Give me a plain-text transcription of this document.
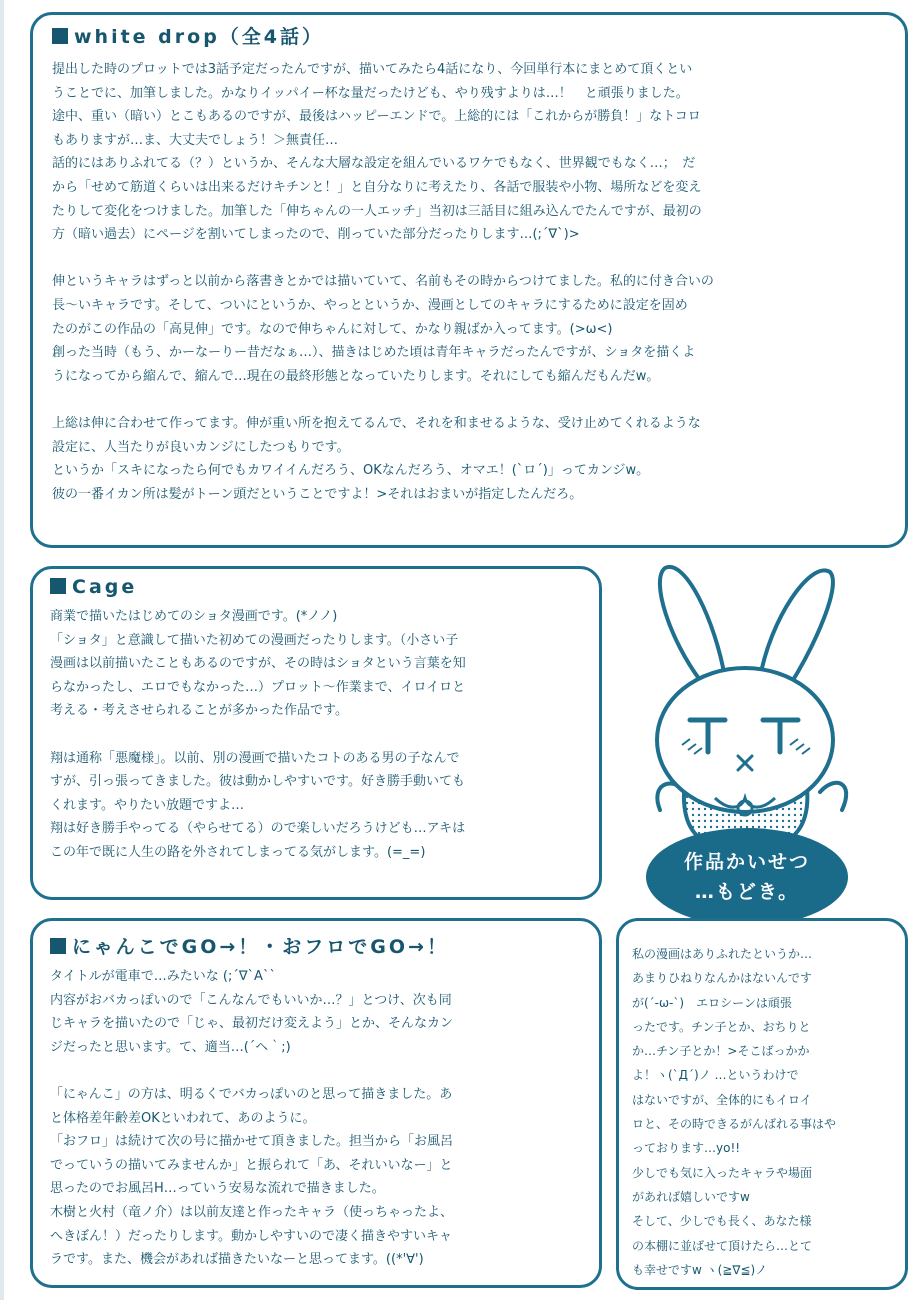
white drop（全4話）
提出した時のプロットでは3話予定だったんですが、描いてみたら4話になり、今回単行本にまとめて頂くとい
うことでに、加筆しました。かなりイッパイー杯な量だったけども、やり残すよりは…！　と頑張りました。
途中、重い（暗い）とこもあるのですが、最後はハッピーエンドで。上総的には「これからが勝負！」なトコロ
もありますが…ま、大丈夫でしょう！＞無責任…
話的にはありふれてる（？）というか、そんな大層な設定を組んでいるワケでもなく、世界観でもなく…；　だ
から「せめて筋道くらいは出来るだけキチンと！」と自分なりに考えたり、各話で服装や小物、場所などを変え
たりして変化をつけました。加筆した「伸ちゃんの一人エッチ」当初は三話目に組み込んでたんですが、最初の
方（暗い過去）にページを割いてしまったので、削っていた部分だったりします…(;´∇`)>

伸というキャラはずっと以前から落書きとかでは描いていて、名前もその時からつけてました。私的に付き合いの
長～いキャラです。そして、ついにというか、やっとというか、漫画としてのキャラにするために設定を固め
たのがこの作品の「高見伸」です。なので伸ちゃんに対して、かなり親ばか入ってます。(>ω<)
創った当時（もう、かーなーりー昔だなぁ…）、描きはじめた頃は青年キャラだったんですが、ショタを描くよ
うになってから縮んで、縮んで…現在の最終形態となっていたりします。それにしても縮んだもんだw。

上総は伸に合わせて作ってます。伸が重い所を抱えてるんで、それを和ませるような、受け止めてくれるような
設定に、人当たりが良いカンジにしたつもりです。
というか「スキになったら何でもカワイイんだろう、OKなんだろう、オマエ！(`ロ´)」ってカンジw。
彼の一番イカン所は髪がトーン頭だということですよ！>それはおまいが指定したんだろ。
Cage
商業で描いたはじめてのショタ漫画です。(*ノノ)
「ショタ」と意識して描いた初めての漫画だったりします。（小さい子
漫画は以前描いたこともあるのですが、その時はショタという言葉を知
らなかったし、エロでもなかった…）プロット～作業まで、イロイロと
考える・考えさせられることが多かった作品です。

翔は通称「悪魔様」。以前、別の漫画で描いたコトのある男の子なんで
すが、引っ張ってきました。彼は動かしやすいです。好き勝手動いても
くれます。やりたい放題ですよ…
翔は好き勝手やってる（やらせてる）ので楽しいだろうけども…アキは
この年で既に人生の路を外されてしまってる気がします。(=_=)	作品かいせつ
…もどき。
にゃんこでGO→！・おフロでGO→！
タイトルが電車で…みたいな (;´∇`A``
内容がおバカっぽいので「こんなんでもいいか…？」とつけ、次も同
じキャラを描いたので「じゃ、最初だけ変えよう」とか、そんなカン
ジだったと思います。て、適当…(´ヘ｀;)

「にゃんこ」の方は、明るくでバカっぽいのと思って描きました。あ
と体格差年齢差OKといわれて、あのように。
「おフロ」は続けて次の号に描かせて頂きました。担当から「お風呂
でっていうの描いてみませんか」と振られて「あ、それいいなー」と
思ったのでお風呂H…っていう安易な流れで描きました。
木樹と火村（竜ノ介）は以前友達と作ったキャラ（使っちゃったよ、
へきぼん！）だったりします。動かしやすいので凄く描きやすいキャ
ラです。また、機会があれば描きたいなーと思ってます。((*'∀')
私の漫画はありふれたというか…
あまりひねりなんかはないんです
が(´-ω-`)　エロシーンは頑張
ったです。チン子とか、おちりと
か…チン子とか！>そこばっかか
よ！ヽ(`Д´)ノ …というわけで
はないですが、全体的にもイロイ
ロと、その時できるがんばれる事はや
っております…yo!!
少しでも気に入ったキャラや場面
があれば嬉しいですw
そして、少しでも長く、あなた様
の本棚に並ばせて頂けたら…とて
も幸せですw ヽ(≧∇≦)ノ
